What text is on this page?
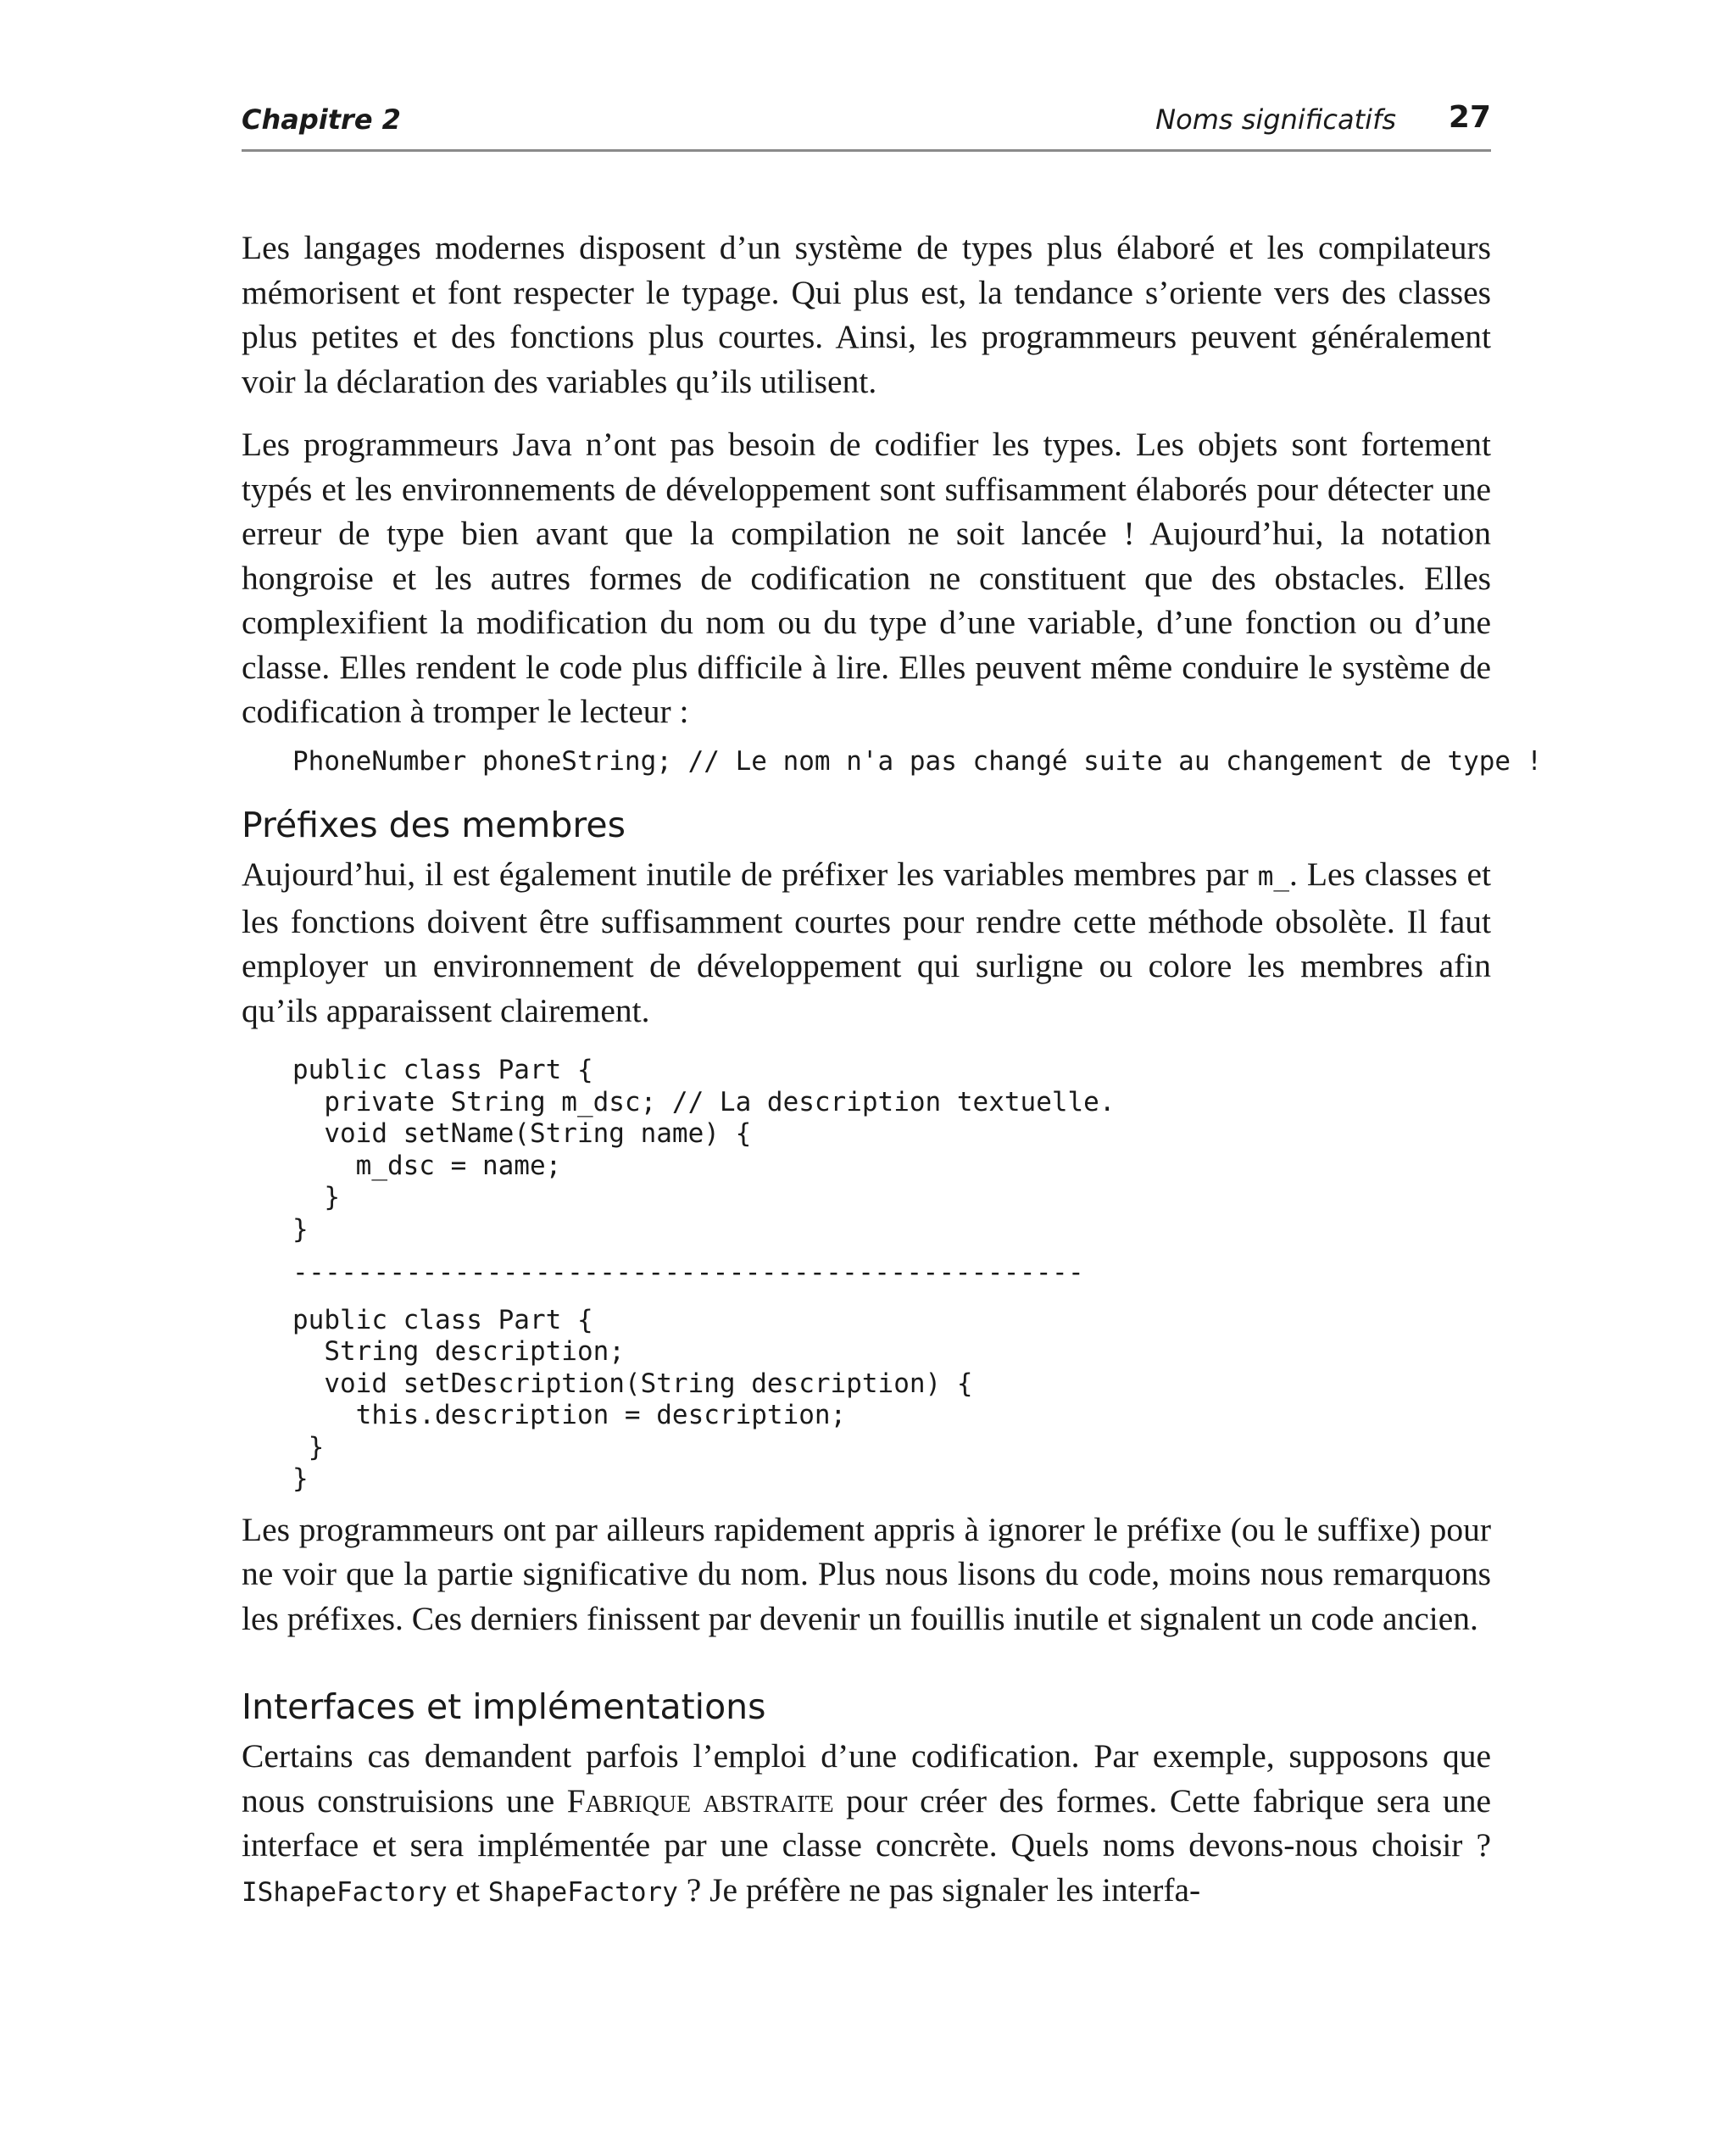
Chapitre 2	Noms significatifs 27

Les langages modernes disposent d’un système de types plus élaboré et les compilateurs mémorisent et font respecter le typage. Qui plus est, la tendance s’oriente vers des classes plus petites et des fonctions plus courtes. Ainsi, les programmeurs peuvent généralement voir la déclaration des variables qu’ils utilisent.

Les programmeurs Java n’ont pas besoin de codifier les types. Les objets sont fortement typés et les environnements de développement sont suffisamment élaborés pour détecter une erreur de type bien avant que la compilation ne soit lancée ! Aujourd’hui, la notation hongroise et les autres formes de codification ne constituent que des obstacles. Elles complexifient la modification du nom ou du type d’une variable, d’une fonction ou d’une classe. Elles rendent le code plus difficile à lire. Elles peuvent même conduire le système de codification à tromper le lecteur :

PhoneNumber phoneString; // Le nom n'a pas changé suite au changement de type !
Préfixes des membres

Aujourd’hui, il est également inutile de préfixer les variables membres par m_. Les classes et les fonctions doivent être suffisamment courtes pour rendre cette méthode obsolète. Il faut employer un environnement de développement qui surligne ou colore les membres afin qu’ils apparaissent clairement.

public class Part {
private String m_dsc; // La description textuelle.
void setName(String name) {
m_dsc = name;
}
}
-------------------------------------------------
public class Part {
String description;
void setDescription(String description) {
this.description = description;
}
}

Les programmeurs ont par ailleurs rapidement appris à ignorer le préfixe (ou le suffixe) pour ne voir que la partie significative du nom. Plus nous lisons du code, moins nous remarquons les préfixes. Ces derniers finissent par devenir un fouillis inutile et signalent un code ancien.

Interfaces et implémentations

Certains cas demandent parfois l’emploi d’une codification. Par exemple, supposons que nous construisions une Fabrique abstraite pour créer des formes. Cette fabrique sera une interface et sera implémentée par une classe concrète. Quels noms devons-nous choisir ? IShapeFactory et ShapeFactory ? Je préfère ne pas signaler les interfa-
